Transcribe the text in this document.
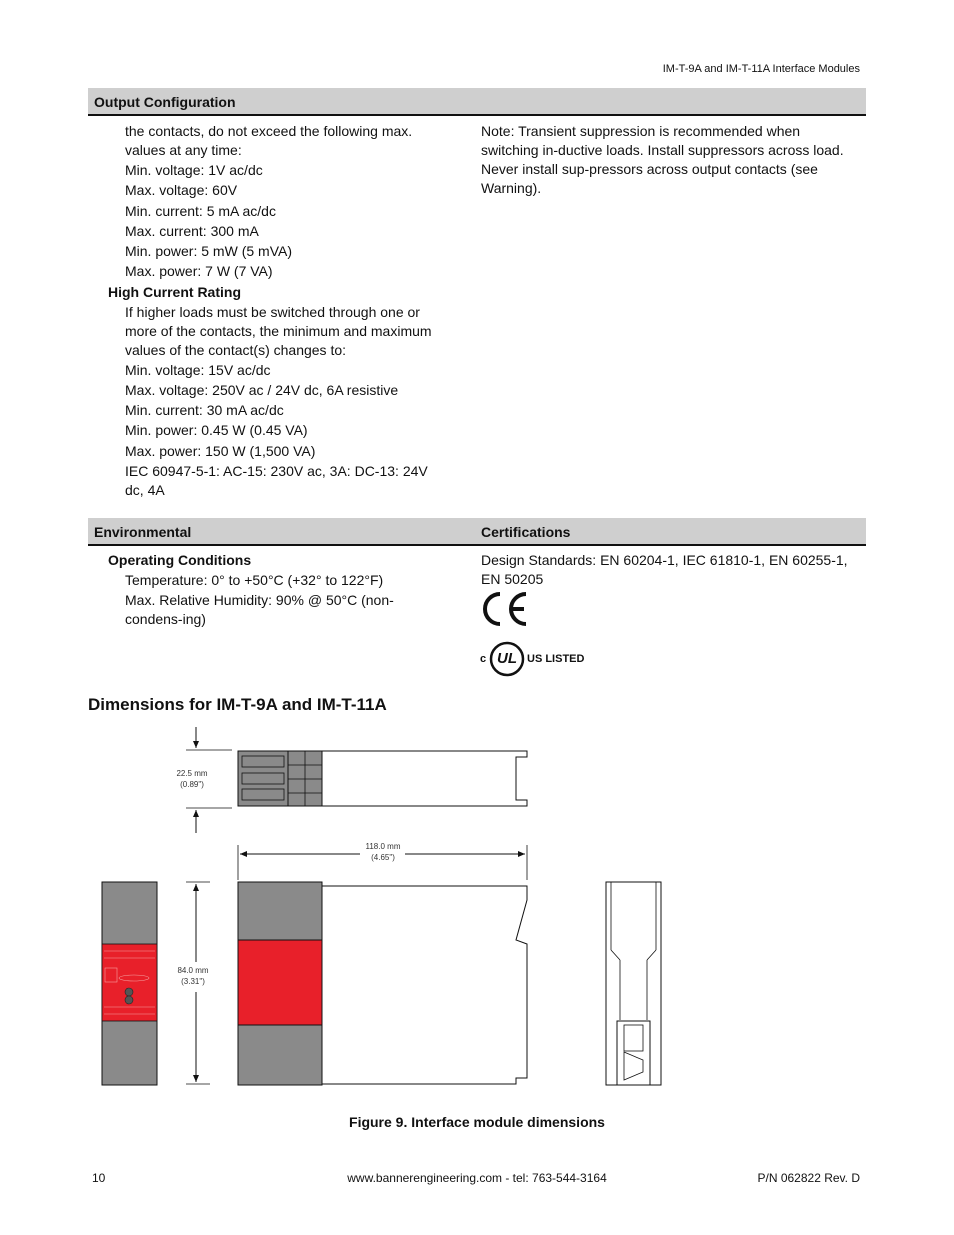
IM-T-9A and IM-T-11A Interface Modules
Output Configuration
the contacts, do not exceed the following max. values at any time:
Min. voltage: 1V ac/dc
Max. voltage: 60V
Min. current: 5 mA ac/dc
Max. current: 300 mA
Min. power: 5 mW (5 mVA)
Max. power: 7 W (7 VA)
High Current Rating
If higher loads must be switched through one or more of the contacts, the minimum and maximum values of the contact(s) changes to:
Min. voltage: 15V ac/dc
Max. voltage: 250V ac / 24V dc, 6A resistive
Min. current: 30 mA ac/dc
Min. power: 0.45 W (0.45 VA)
Max. power: 150 W (1,500 VA)
IEC 60947-5-1: AC-15: 230V ac, 3A: DC-13: 24V dc, 4A
Note: Transient suppression is recommended when switching in-ductive loads. Install suppressors across load. Never install sup-pressors across output contacts (see Warning).
Environmental	Certifications
Operating Conditions
Temperature: 0° to +50°C (+32° to 122°F)
Max. Relative Humidity: 90% @ 50°C (non-condens-ing)
Design Standards: EN 60204-1, IEC 61810-1, EN 60255-1, EN 50205
c UL US LISTED
Dimensions for IM-T-9A and IM-T-11A
22.5 mm
(0.89")
118.0 mm
(4.65")
84.0 mm
(3.31")
Figure 9. Interface module dimensions
10	www.bannerengineering.com - tel: 763-544-3164	P/N 062822 Rev. D
